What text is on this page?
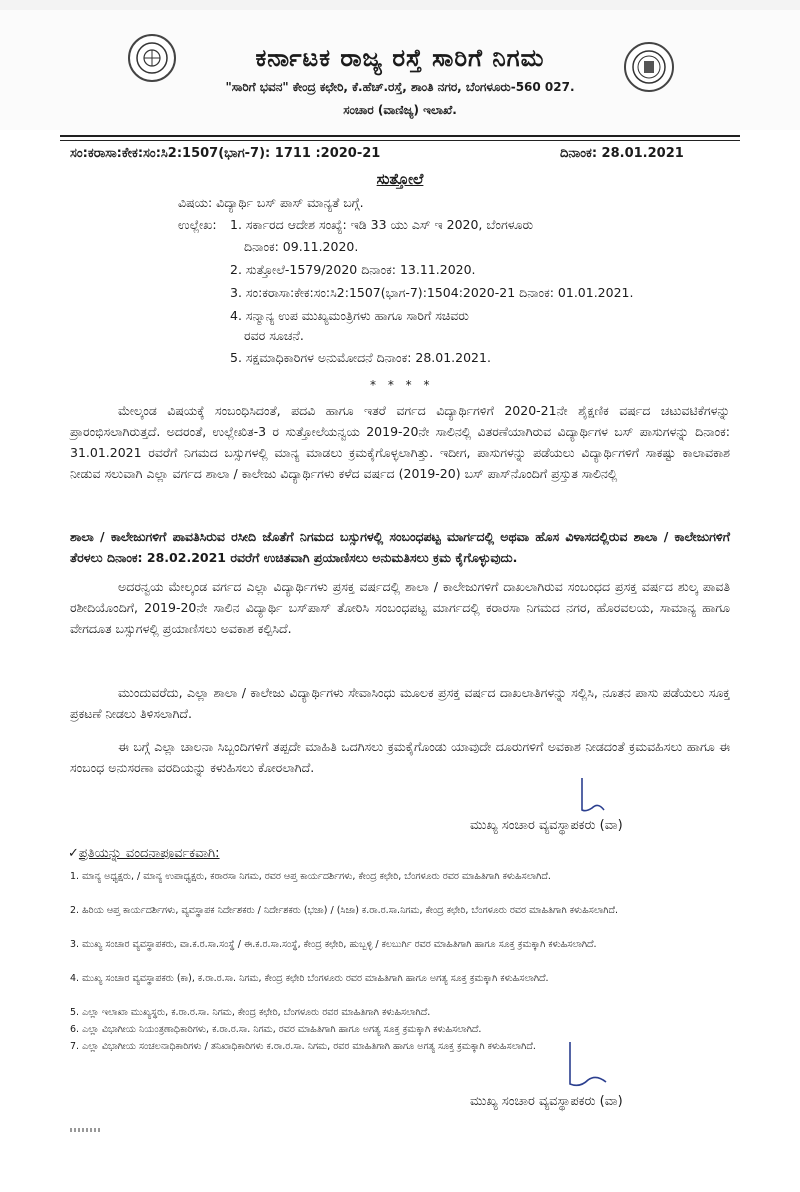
ಕರ್ನಾಟಕ ರಾಜ್ಯ ರಸ್ತೆ ಸಾರಿಗೆ ನಿಗಮ
"ಸಾರಿಗೆ ಭವನ" ಕೇಂದ್ರ ಕಛೇರಿ, ಕೆ.ಹೆಚ್.ರಸ್ತೆ, ಶಾಂತಿ ನಗರ, ಬೆಂಗಳೂರು-560 027.
ಸಂಚಾರ (ವಾಣಿಜ್ಯ) ಇಲಾಖೆ.
ಸಂ:ಕರಾಸಾ:ಕೇಕ:ಸಂ:ಸಿ2:1507(ಭಾಗ-7): 1711 :2020-21	ದಿನಾಂಕ: 28.01.2021
ಸುತ್ತೋಲೆ
ವಿಷಯ: ವಿದ್ಯಾರ್ಥಿ ಬಸ್ ಪಾಸ್ ಮಾನ್ಯತೆ ಬಗ್ಗೆ.
ಉಲ್ಲೇಖ: 1. ಸರ್ಕಾರದ ಆದೇಶ ಸಂಖ್ಯೆ: ಇಡಿ 33 ಯು ಎಸ್ ಇ 2020, ಬೆಂಗಳೂರು
ದಿನಾಂಕ: 09.11.2020.
2. ಸುತ್ತೋಲೆ-1579/2020 ದಿನಾಂಕ: 13.11.2020.
3. ಸಂ:ಕರಾಸಾ:ಕೇಕ:ಸಂ:ಸಿ2:1507(ಭಾಗ-7):1504:2020-21 ದಿನಾಂಕ: 01.01.2021.
4. ಸನ್ಮಾನ್ಯ ಉಪ ಮುಖ್ಯಮಂತ್ರಿಗಳು ಹಾಗೂ ಸಾರಿಗೆ ಸಚಿವರು
ರವರ ಸೂಚನೆ.
5. ಸಕ್ಷಮಾಧಿಕಾರಿಗಳ ಅನುಮೋದನೆ ದಿನಾಂಕ: 28.01.2021.
* * * *
ಮೇಲ್ಕಂಡ ವಿಷಯಕ್ಕೆ ಸಂಬಂಧಿಸಿದಂತೆ, ಪದವಿ ಹಾಗೂ ಇತರೆ ವರ್ಗದ ವಿದ್ಯಾರ್ಥಿಗಳಿಗೆ 2020-21ನೇ ಶೈಕ್ಷಣಿಕ ವರ್ಷದ ಚಟುವಟಿಕೆಗಳನ್ನು ಪ್ರಾರಂಭಿಸಲಾಗಿರುತ್ತದೆ. ಅದರಂತೆ, ಉಲ್ಲೇಖಿತ-3 ರ ಸುತ್ತೋಲೆಯನ್ವಯ 2019-20ನೇ ಸಾಲಿನಲ್ಲಿ ವಿತರಣೆಯಾಗಿರುವ ವಿದ್ಯಾರ್ಥಿಗಳ ಬಸ್ ಪಾಸುಗಳನ್ನು ದಿನಾಂಕ: 31.01.2021 ರವರೆಗೆ ನಿಗಮದ ಬಸ್ಸುಗಳಲ್ಲಿ ಮಾನ್ಯ ಮಾಡಲು ಕ್ರಮಕೈಗೊಳ್ಳಲಾಗಿತ್ತು. ಇದೀಗ, ಪಾಸುಗಳನ್ನು ಪಡೆಯಲು ವಿದ್ಯಾರ್ಥಿಗಳಿಗೆ ಸಾಕಷ್ಟು ಕಾಲಾವಕಾಶ ನೀಡುವ ಸಲುವಾಗಿ ಎಲ್ಲಾ ವರ್ಗದ ಶಾಲಾ / ಕಾಲೇಜು ವಿದ್ಯಾರ್ಥಿಗಳು ಕಳೆದ ವರ್ಷದ (2019-20) ಬಸ್ ಪಾಸ್‌ನೊಂದಿಗೆ ಪ್ರಸ್ತುತ ಸಾಲಿನಲ್ಲಿ
ಶಾಲಾ / ಕಾಲೇಜುಗಳಿಗೆ ಪಾವತಿಸಿರುವ ರಸೀದಿ ಜೊತೆಗೆ ನಿಗಮದ ಬಸ್ಸುಗಳಲ್ಲಿ ಸಂಬಂಧಪಟ್ಟ ಮಾರ್ಗದಲ್ಲಿ ಅಥವಾ ಹೊಸ ವಿಳಾಸದಲ್ಲಿರುವ ಶಾಲಾ / ಕಾಲೇಜುಗಳಿಗೆ ತೆರಳಲು ದಿನಾಂಕ: 28.02.2021 ರವರೆಗೆ ಉಚಿತವಾಗಿ ಪ್ರಯಾಣಿಸಲು ಅನುಮತಿಸಲು ಕ್ರಮ ಕೈಗೊಳ್ಳುವುದು.
ಅದರನ್ವಯ ಮೇಲ್ಕಂಡ ವರ್ಗದ ಎಲ್ಲಾ ವಿದ್ಯಾರ್ಥಿಗಳು ಪ್ರಸಕ್ತ ವರ್ಷದಲ್ಲಿ ಶಾಲಾ / ಕಾಲೇಜುಗಳಿಗೆ ದಾಖಲಾಗಿರುವ ಸಂಬಂಧದ ಪ್ರಸಕ್ತ ವರ್ಷದ ಶುಲ್ಕ ಪಾವತಿ ರಶೀದಿಯೊಂದಿಗೆ, 2019-20ನೇ ಸಾಲಿನ ವಿದ್ಯಾರ್ಥಿ ಬಸ್‌ಪಾಸ್ ತೋರಿಸಿ ಸಂಬಂಧಪಟ್ಟ ಮಾರ್ಗದಲ್ಲಿ ಕರಾರಸಾ ನಿಗಮದ ನಗರ, ಹೊರವಲಯ, ಸಾಮಾನ್ಯ ಹಾಗೂ ವೇಗದೂತ ಬಸ್ಸುಗಳಲ್ಲಿ ಪ್ರಯಾಣಿಸಲು ಅವಕಾಶ ಕಲ್ಪಿಸಿದೆ.
ಮುಂದುವರೆದು, ಎಲ್ಲಾ ಶಾಲಾ / ಕಾಲೇಜು ವಿದ್ಯಾರ್ಥಿಗಳು ಸೇವಾಸಿಂಧು ಮೂಲಕ ಪ್ರಸಕ್ತ ವರ್ಷದ ದಾಖಲಾತಿಗಳನ್ನು ಸಲ್ಲಿಸಿ, ನೂತನ ಪಾಸು ಪಡೆಯಲು ಸೂಕ್ತ ಪ್ರಕಟಣೆ ನೀಡಲು ತಿಳಿಸಲಾಗಿದೆ.
ಈ ಬಗ್ಗೆ ಎಲ್ಲಾ ಚಾಲನಾ ಸಿಬ್ಬಂದಿಗಳಿಗೆ ತಪ್ಪದೇ ಮಾಹಿತಿ ಒದಗಿಸಲು ಕ್ರಮಕೈಗೊಂಡು ಯಾವುದೇ ದೂರುಗಳಿಗೆ ಅವಕಾಶ ನೀಡದಂತೆ ಕ್ರಮವಹಿಸಲು ಹಾಗೂ ಈ ಸಂಬಂಧ ಅನುಸರಣಾ ವರದಿಯನ್ನು ಕಳುಹಿಸಲು ಕೋರಲಾಗಿದೆ.
ಮುಖ್ಯ ಸಂಚಾರ ವ್ಯವಸ್ಥಾಪಕರು (ವಾ)
✓ಪ್ರತಿಯನ್ನು ವಂದನಾಪೂರ್ವಕವಾಗಿ:
1. ಮಾನ್ಯ ಅಧ್ಯಕ್ಷರು, / ಮಾನ್ಯ ಉಪಾಧ್ಯಕ್ಷರು, ಕರಾರಸಾ ನಿಗಮ, ರವರ ಆಪ್ತ ಕಾರ್ಯದರ್ಶಿಗಳು, ಕೇಂದ್ರ ಕಛೇರಿ, ಬೆಂಗಳೂರು ರವರ ಮಾಹಿತಿಗಾಗಿ ಕಳುಹಿಸಲಾಗಿದೆ.
2. ಹಿರಿಯ ಆಪ್ತ ಕಾರ್ಯದರ್ಶಿಗಳು, ವ್ಯವಸ್ಥಾಪಕ ನಿರ್ದೇಶಕರು / ನಿರ್ದೇಶಕರು (ಭಜಾ) / (ಸಿಜಾ) ಕ.ರಾ.ರ.ಸಾ.ನಿಗಮ, ಕೇಂದ್ರ ಕಛೇರಿ, ಬೆಂಗಳೂರು ರವರ ಮಾಹಿತಿಗಾಗಿ ಕಳುಹಿಸಲಾಗಿದೆ.
3. ಮುಖ್ಯ ಸಂಚಾರ ವ್ಯವಸ್ಥಾಪಕರು, ವಾ.ಕ.ರ.ಸಾ.ಸಂಸ್ಥೆ / ಈ.ಕ.ರ.ಸಾ.ಸಂಸ್ಥೆ, ಕೇಂದ್ರ ಕಛೇರಿ, ಹುಬ್ಬಳ್ಳಿ / ಕಲಬುರ್ಗಿ ರವರ ಮಾಹಿತಿಗಾಗಿ ಹಾಗೂ ಸೂಕ್ತ ಕ್ರಮಕ್ಕಾಗಿ ಕಳುಹಿಸಲಾಗಿದೆ.
4. ಮುಖ್ಯ ಸಂಚಾರ ವ್ಯವಸ್ಥಾಪಕರು (ಕಾ), ಕ.ರಾ.ರ.ಸಾ. ನಿಗಮ, ಕೇಂದ್ರ ಕಛೇರಿ ಬೆಂಗಳೂರು ರವರ ಮಾಹಿತಿಗಾಗಿ ಹಾಗೂ ಅಗತ್ಯ ಸೂಕ್ತ ಕ್ರಮಕ್ಕಾಗಿ ಕಳುಹಿಸಲಾಗಿದೆ.
5. ಎಲ್ಲಾ ಇಲಾಖಾ ಮುಖ್ಯಸ್ಥರು, ಕ.ರಾ.ರ.ಸಾ. ನಿಗಮ, ಕೇಂದ್ರ ಕಛೇರಿ, ಬೆಂಗಳೂರು ರವರ ಮಾಹಿತಿಗಾಗಿ ಕಳುಹಿಸಲಾಗಿದೆ.
6. ಎಲ್ಲಾ ವಿಭಾಗೀಯ ನಿಯಂತ್ರಣಾಧಿಕಾರಿಗಳು, ಕ.ರಾ.ರ.ಸಾ. ನಿಗಮ, ರವರ ಮಾಹಿತಿಗಾಗಿ ಹಾಗೂ ಅಗತ್ಯ ಸೂಕ್ತ ಕ್ರಮಕ್ಕಾಗಿ ಕಳುಹಿಸಲಾಗಿದೆ.
7. ಎಲ್ಲಾ ವಿಭಾಗೀಯ ಸಂಚಲನಾಧಿಕಾರಿಗಳು / ತನಿಖಾಧಿಕಾರಿಗಳು ಕ.ರಾ.ರ.ಸಾ. ನಿಗಮ, ರವರ ಮಾಹಿತಿಗಾಗಿ ಹಾಗೂ ಅಗತ್ಯ ಸೂಕ್ತ ಕ್ರಮಕ್ಕಾಗಿ ಕಳುಹಿಸಲಾಗಿದೆ.
ಮುಖ್ಯ ಸಂಚಾರ ವ್ಯವಸ್ಥಾಪಕರು (ವಾ)
